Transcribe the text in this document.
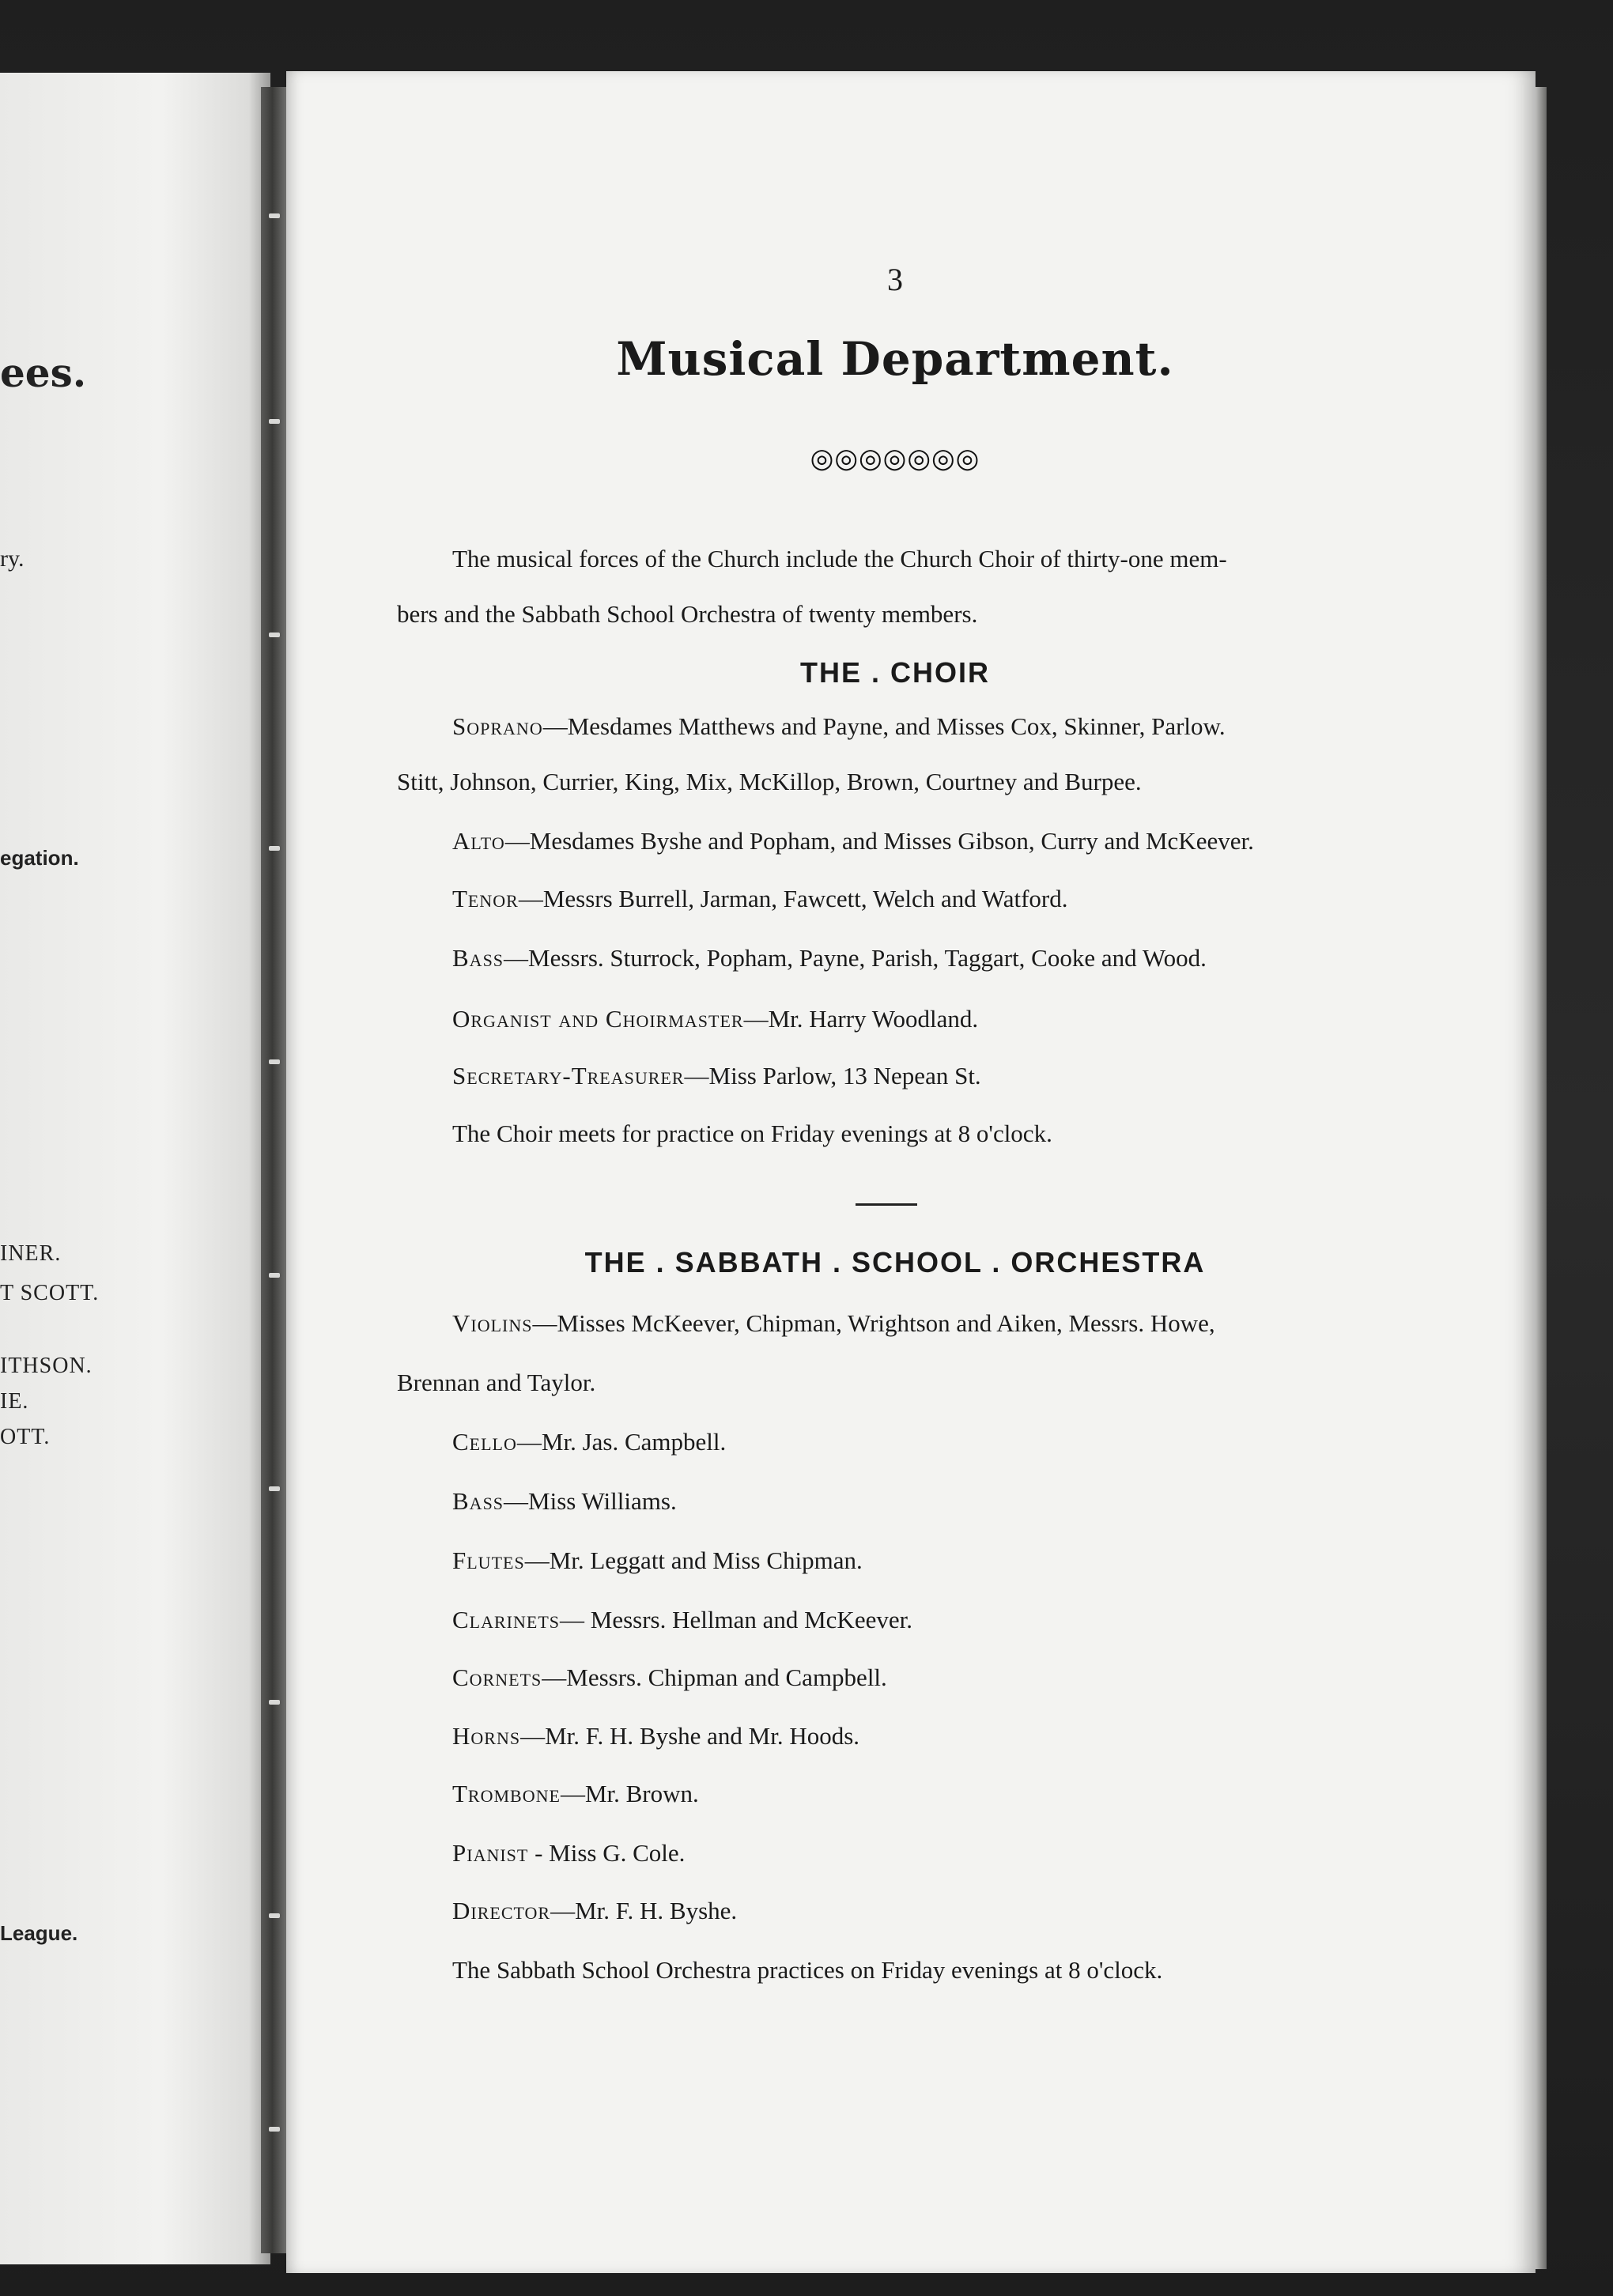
ees.
ry.
egation.
INER.
T SCOTT.
ITHSON.
IE.
OTT.
League.
3
Musical Department.
◎◎◎◎◎◎◎
The musical forces of the Church include the Church Choir of thirty-one mem-
bers and the Sabbath School Orchestra of twenty members.
THE . CHOIR
Soprano—Mesdames Matthews and Payne, and Misses Cox, Skinner, Parlow.
Stitt, Johnson, Currier, King, Mix, McKillop, Brown, Courtney and Burpee.
Alto—Mesdames Byshe and Popham, and Misses Gibson, Curry and McKeever.
Tenor—Messrs Burrell, Jarman, Fawcett, Welch and Watford.
Bass—Messrs. Sturrock, Popham, Payne, Parish, Taggart, Cooke and Wood.
Organist and Choirmaster—Mr. Harry Woodland.
Secretary-Treasurer—Miss Parlow, 13 Nepean St.
The Choir meets for practice on Friday evenings at 8 o'clock.
THE . SABBATH . SCHOOL . ORCHESTRA
Violins—Misses McKeever, Chipman, Wrightson and Aiken, Messrs. Howe,
Brennan and Taylor.
Cello—Mr. Jas. Campbell.
Bass—Miss Williams.
Flutes—Mr. Leggatt and Miss Chipman.
Clarinets— Messrs. Hellman and McKeever.
Cornets—Messrs. Chipman and Campbell.
Horns—Mr. F. H. Byshe and Mr. Hoods.
Trombone—Mr. Brown.
Pianist - Miss G. Cole.
Director—Mr. F. H. Byshe.
The Sabbath School Orchestra practices on Friday evenings at 8 o'clock.
